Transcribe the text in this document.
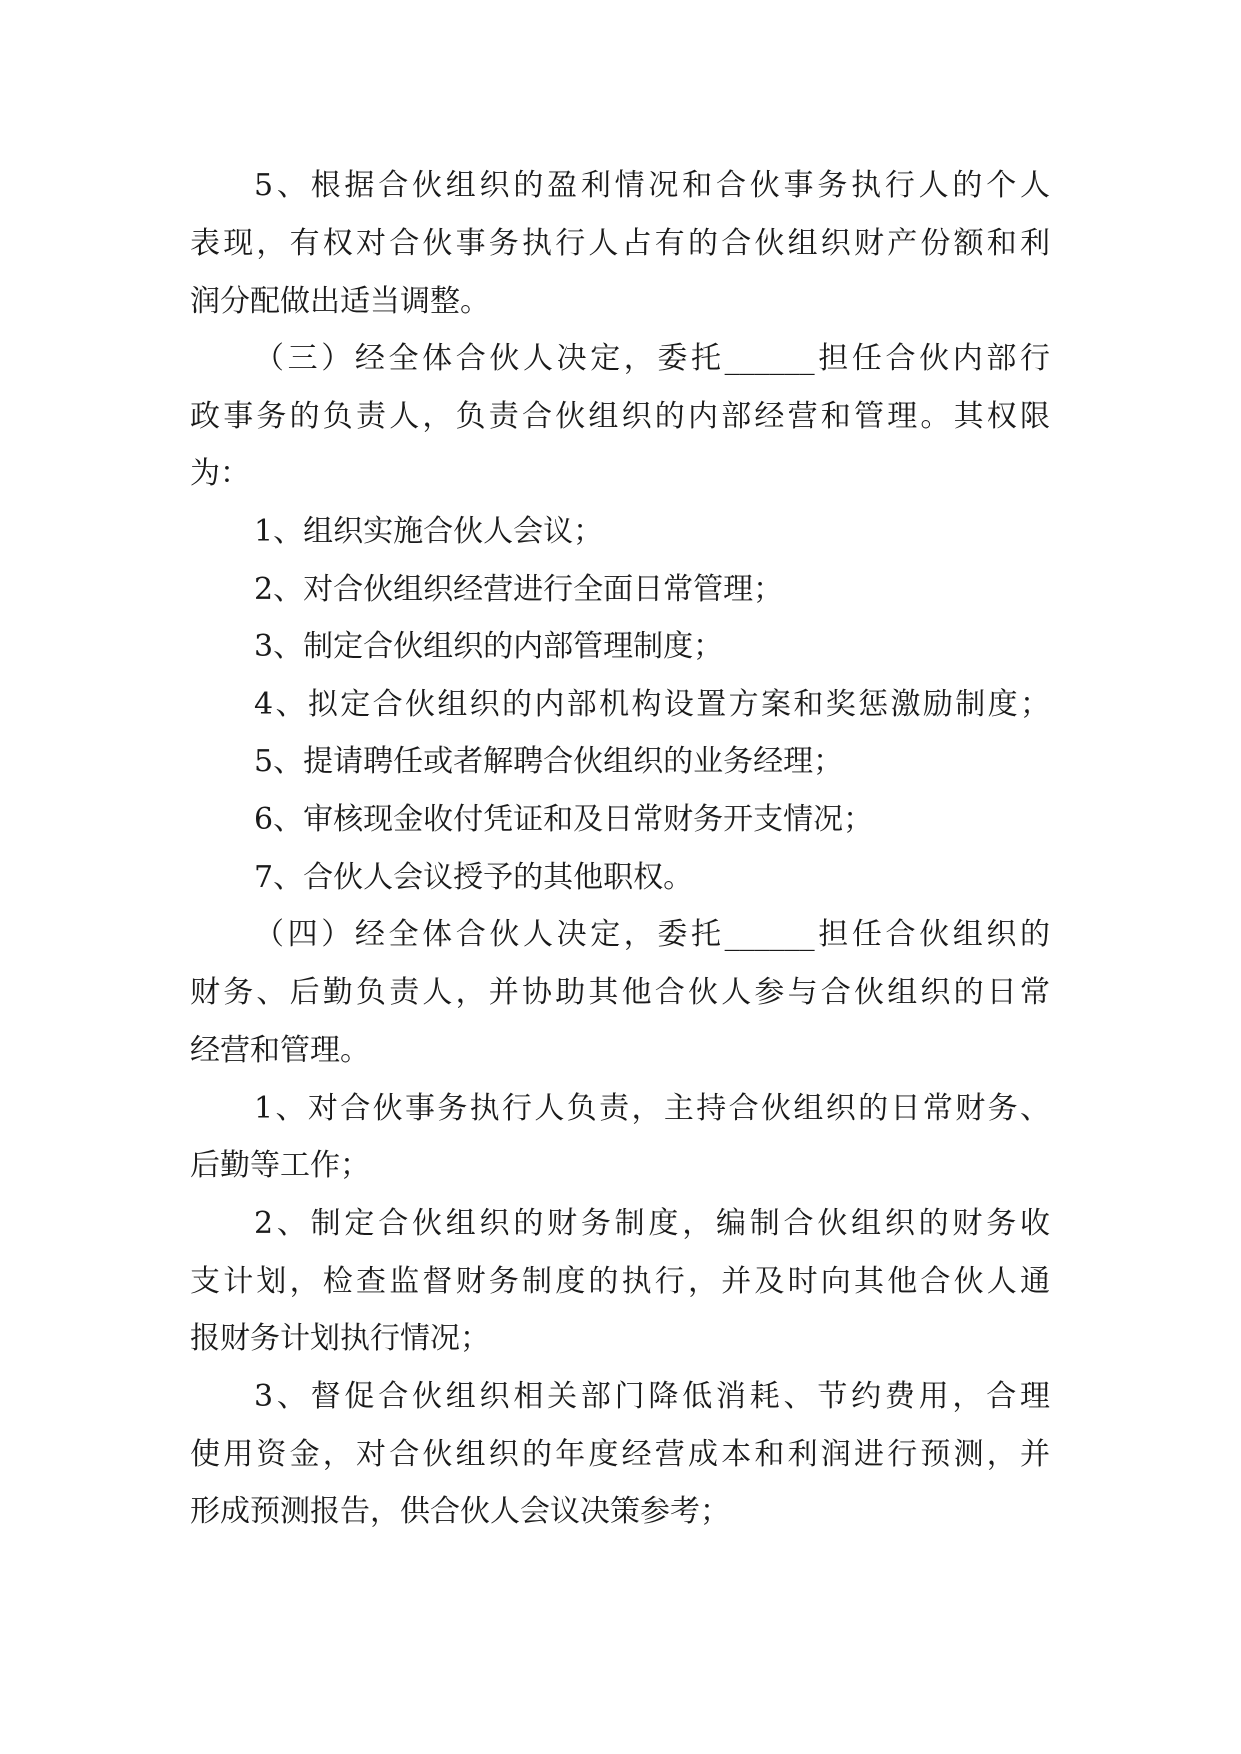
5、根据合伙组织的盈利情况和合伙事务执行人的个人
表现，有权对合伙事务执行人占有的合伙组织财产份额和利
润分配做出适当调整。
（三）经全体合伙人决定，委托______担任合伙内部行
政事务的负责人，负责合伙组织的内部经营和管理。其权限
为：
1、组织实施合伙人会议；
2、对合伙组织经营进行全面日常管理；
3、制定合伙组织的内部管理制度；
4、拟定合伙组织的内部机构设置方案和奖惩激励制度；
5、提请聘任或者解聘合伙组织的业务经理；
6、审核现金收付凭证和及日常财务开支情况；
7、合伙人会议授予的其他职权。
（四）经全体合伙人决定，委托______担任合伙组织的
财务、后勤负责人，并协助其他合伙人参与合伙组织的日常
经营和管理。
1、对合伙事务执行人负责，主持合伙组织的日常财务、
后勤等工作；
2、制定合伙组织的财务制度，编制合伙组织的财务收
支计划，检查监督财务制度的执行，并及时向其他合伙人通
报财务计划执行情况；
3、督促合伙组织相关部门降低消耗、节约费用，合理
使用资金，对合伙组织的年度经营成本和利润进行预测，并
形成预测报告，供合伙人会议决策参考；
